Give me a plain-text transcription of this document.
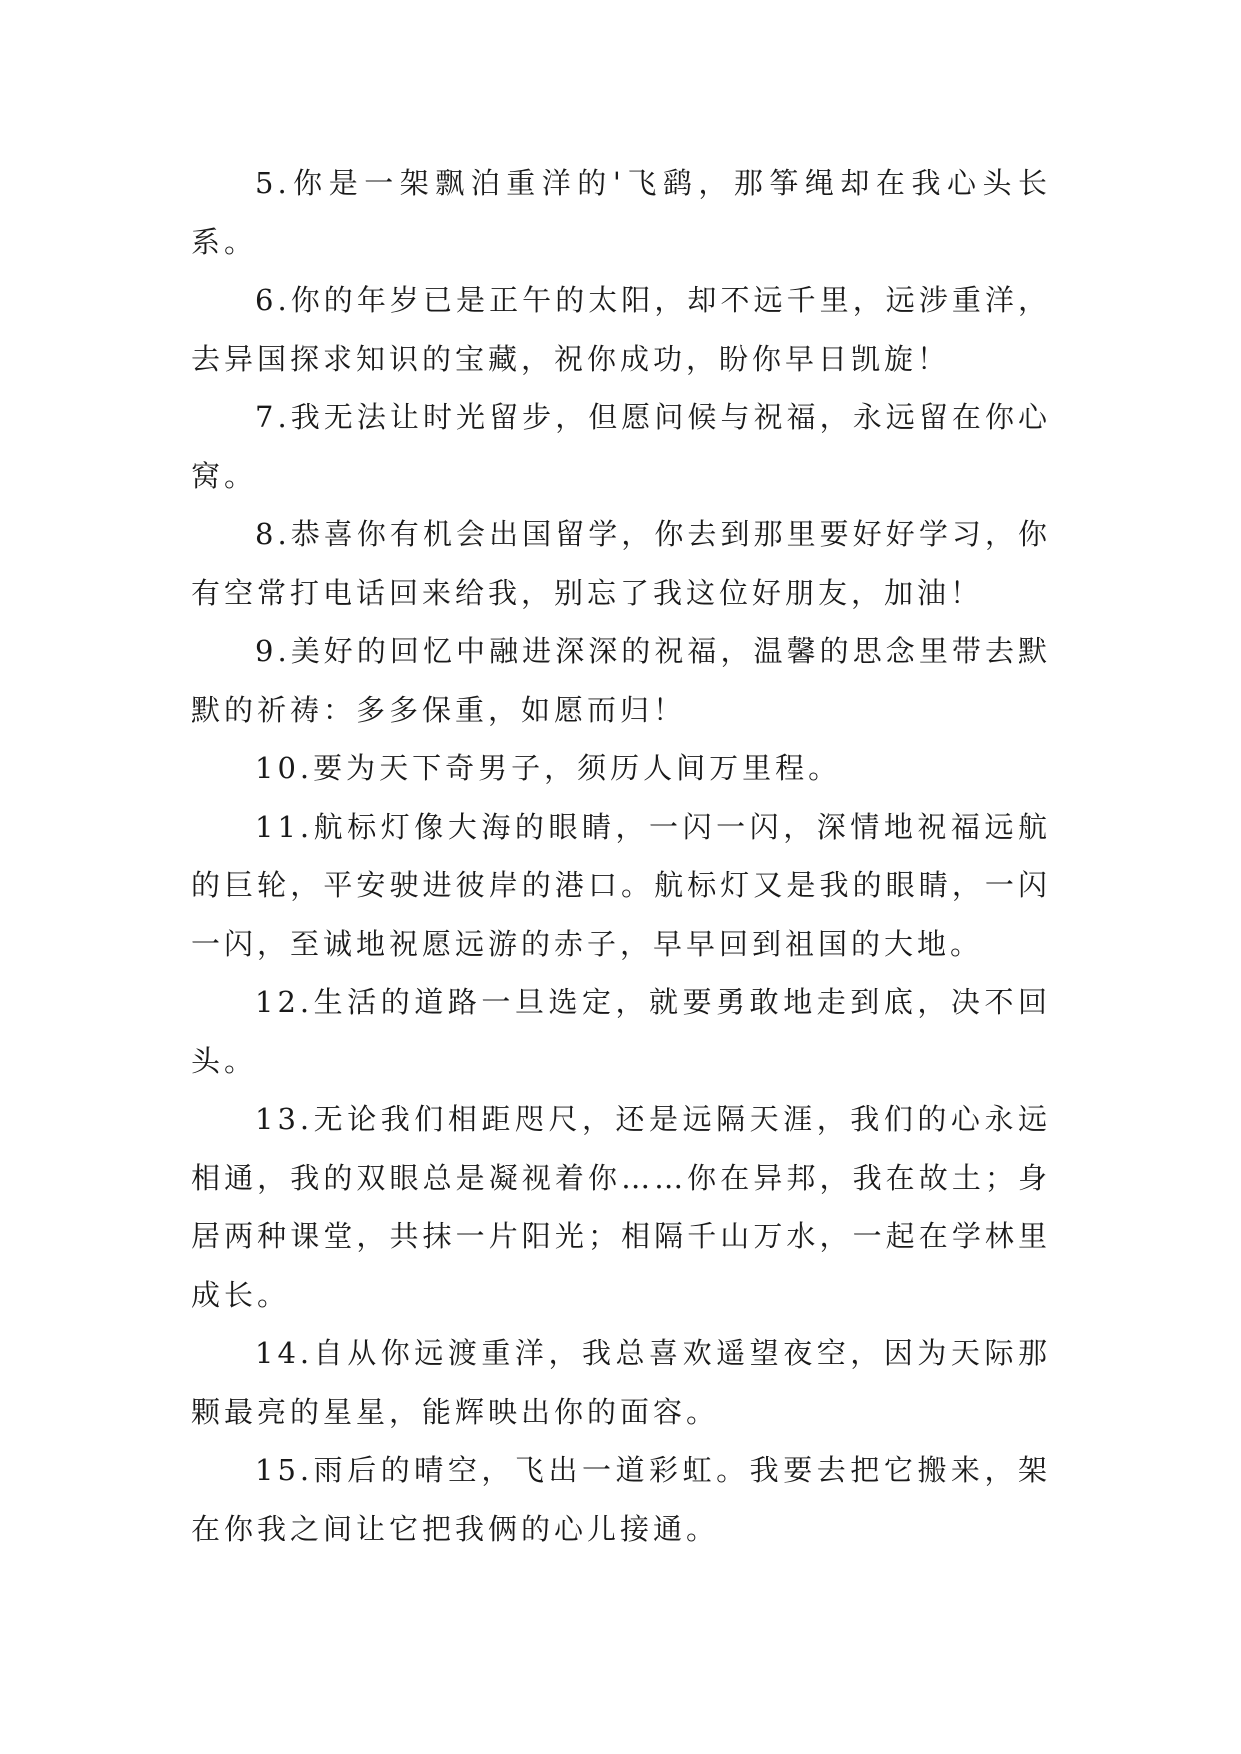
5.你是一架飘泊重洋的'飞鹞，那筝绳却在我心头长系。

6.你的年岁已是正午的太阳，却不远千里，远涉重洋，去异国探求知识的宝藏，祝你成功，盼你早日凯旋！

7.我无法让时光留步，但愿问候与祝福，永远留在你心窝。

8.恭喜你有机会出国留学，你去到那里要好好学习，你有空常打电话回来给我，别忘了我这位好朋友，加油！

9.美好的回忆中融进深深的祝福，温馨的思念里带去默默的祈祷：多多保重，如愿而归！

10.要为天下奇男子，须历人间万里程。

11.航标灯像大海的眼睛，一闪一闪，深情地祝福远航的巨轮，平安驶进彼岸的港口。航标灯又是我的眼睛，一闪一闪，至诚地祝愿远游的赤子，早早回到祖国的大地。

12.生活的道路一旦选定，就要勇敢地走到底，决不回头。

13.无论我们相距咫尺，还是远隔天涯，我们的心永远相通，我的双眼总是凝视着你……你在异邦，我在故土；身居两种课堂，共抹一片阳光；相隔千山万水，一起在学林里成长。

14.自从你远渡重洋，我总喜欢遥望夜空，因为天际那颗最亮的星星，能辉映出你的面容。

15.雨后的晴空，飞出一道彩虹。我要去把它搬来，架在你我之间让它把我俩的心儿接通。
